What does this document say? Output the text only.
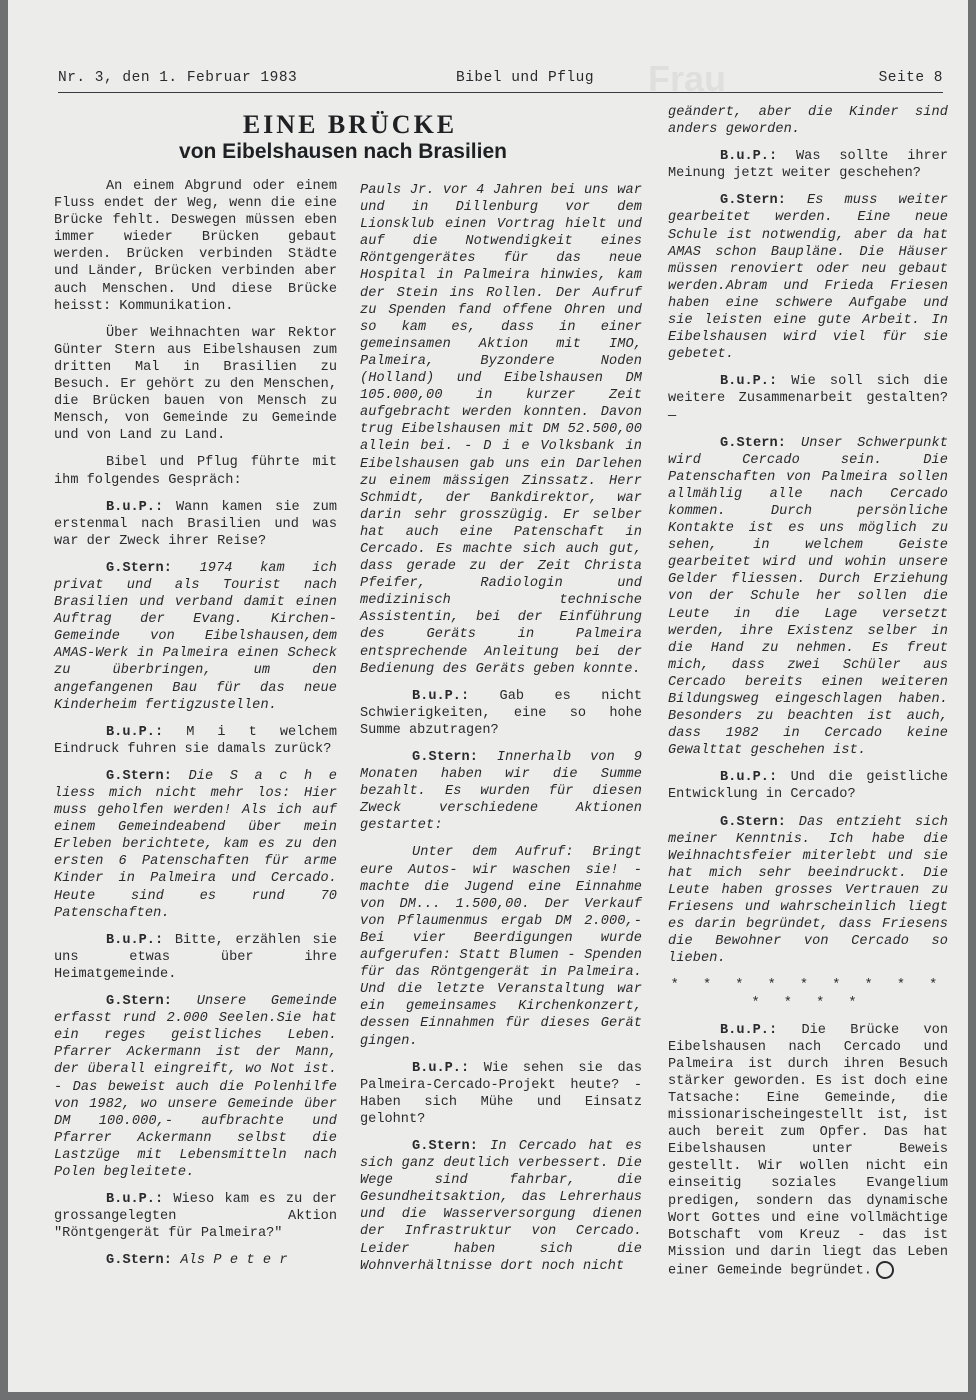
Frau
Nr. 3, den 1. Februar 1983	Bibel und Pflug	Seite 8
EINE BRÜCKE
von Eibelshausen nach Brasilien

An einem Abgrund oder einem Fluss endet der Weg, wenn die eine Brücke fehlt. Deswegen müssen eben immer wieder Brücken gebaut werden. Brücken verbinden Städte und Länder, Brücken verbinden aber auch Menschen. Und diese Brücke heisst: Kommunikation.

Über Weihnachten war Rektor Günter Stern aus Eibelshausen zum dritten Mal in Brasilien zu Besuch. Er gehört zu den Menschen, die Brücken bauen von Mensch zu Mensch, von Gemeinde zu Gemeinde und von Land zu Land.

Bibel und Pflug führte mit ihm folgendes Gespräch:

B.u.P.: Wann kamen sie zum erstenmal nach Brasilien und was war der Zweck ihrer Reise?

G.Stern: 1974 kam ich privat und als Tourist nach Brasilien und verband damit einen Auftrag der Evang. Kirchen-Gemeinde von Eibelshausen,dem AMAS-Werk in Palmeira einen Scheck zu überbringen, um den angefangenen Bau für das neue Kinderheim fertigzustellen.

B.u.P.: M i t welchem Eindruck fuhren sie damals zurück?

G.Stern: Die S a c h e liess mich nicht mehr los: Hier muss geholfen werden! Als ich auf einem Gemeindeabend über mein Erleben berichtete, kam es zu den ersten 6 Patenschaften für arme Kinder in Palmeira und Cercado. Heute sind es rund 70 Patenschaften.

B.u.P.: Bitte, erzählen sie uns etwas über ihre Heimatgemeinde.

G.Stern: Unsere Gemeinde erfasst rund 2.000 Seelen.Sie hat ein reges geistliches Leben. Pfarrer Ackermann ist der Mann, der überall eingreift, wo Not ist. - Das beweist auch die Polenhilfe von 1982, wo unsere Gemeinde über DM 100.000,- aufbrachte und Pfarrer Ackermann selbst die Lastzüge mit Lebensmitteln nach Polen begleitete.

B.u.P.: Wieso kam es zu der grossangelegten Aktion "Röntgengerät für Palmeira?"

G.Stern: Als P e t e r

Pauls Jr. vor 4 Jahren bei uns war und in Dillenburg vor dem Lionsklub einen Vortrag hielt und auf die Notwendigkeit eines Röntgengerätes für das neue Hospital in Palmeira hinwies, kam der Stein ins Rollen. Der Aufruf zu Spenden fand offene Ohren und so kam es, dass in einer gemeinsamen Aktion mit IMO, Palmeira, Byzondere Noden (Holland) und Eibelshausen DM 105.000,00 in kurzer Zeit aufgebracht werden konnten. Davon trug Eibelshausen mit DM 52.500,00 allein bei. - D i e Volksbank in Eibelshausen gab uns ein Darlehen zu einem mässigen Zinssatz. Herr Schmidt, der Bankdirektor, war darin sehr grosszügig. Er selber hat auch eine Patenschaft in Cercado. Es machte sich auch gut, dass gerade zu der Zeit Christa Pfeifer, Radiologin und medizinisch technische Assistentin, bei der Einführung des Geräts in Palmeira entsprechende Anleitung bei der Bedienung des Geräts geben konnte.

B.u.P.: Gab es nicht Schwierigkeiten, eine so hohe Summe abzutragen?

G.Stern: Innerhalb von 9 Monaten haben wir die Summe bezahlt. Es wurden für diesen Zweck verschiedene Aktionen gestartet:

Unter dem Aufruf: Bringt eure Autos- wir waschen sie! - machte die Jugend eine Einnahme von DM... 1.500,00. Der Verkauf von Pflaumenmus ergab DM 2.000,- Bei vier Beerdigungen wurde aufgerufen: Statt Blumen - Spenden für das Röntgengerät in Palmeira. Und die letzte Veranstaltung war ein gemeinsames Kirchenkonzert, dessen Einnahmen für dieses Gerät gingen.

B.u.P.: Wie sehen sie das Palmeira-Cercado-Projekt heute? - Haben sich Mühe und Einsatz gelohnt?

G.Stern: In Cercado hat es sich ganz deutlich verbessert. Die Wege sind fahrbar, die Gesundheitsaktion, das Lehrerhaus und die Wasserversorgung dienen der Infrastruktur von Cercado. Leider haben sich die Wohnverhältnisse dort noch nicht

geändert, aber die Kinder sind anders geworden.

B.u.P.: Was sollte ihrer Meinung jetzt weiter geschehen?

G.Stern: Es muss weiter gearbeitet werden. Eine neue Schule ist notwendig, aber da hat AMAS schon Baupläne. Die Häuser müssen renoviert oder neu gebaut werden.Abram und Frieda Friesen haben eine schwere Aufgabe und sie leisten eine gute Arbeit. In Eibelshausen wird viel für sie gebetet.

B.u.P.: Wie soll sich die weitere Zusammenarbeit gestalten? —

G.Stern: Unser Schwerpunkt wird Cercado sein. Die Patenschaften von Palmeira sollen allmählig alle nach Cercado kommen. Durch persönliche Kontakte ist es uns möglich zu sehen, in welchem Geiste gearbeitet wird und wohin unsere Gelder fliessen. Durch Erziehung von der Schule her sollen die Leute in die Lage versetzt werden, ihre Existenz selber in die Hand zu nehmen. Es freut mich, dass zwei Schüler aus Cercado bereits einen weiteren Bildungsweg eingeschlagen haben. Besonders zu beachten ist auch, dass 1982 in Cercado keine Gewalttat geschehen ist.

B.u.P.: Und die geistliche Entwicklung in Cercado?

G.Stern: Das entzieht sich meiner Kenntnis. Ich habe die Weihnachtsfeier miterlebt und sie hat mich sehr beeindruckt. Die Leute haben grosses Vertrauen zu Friesens und wahrscheinlich liegt es darin begründet, dass Friesens die Bewohner von Cercado so lieben.

* * * * * * * * * * * * *

B.u.P.: Die Brücke von Eibelshausen nach Cercado und Palmeira ist durch ihren Besuch stärker geworden. Es ist doch eine Tatsache: Eine Gemeinde, die missionarischeingestellt ist, ist auch bereit zum Opfer. Das hat Eibelshausen unter Beweis gestellt. Wir wollen nicht ein einseitig soziales Evangelium predigen, sondern das dynamische Wort Gottes und eine vollmächtige Botschaft vom Kreuz - das ist Mission und darin liegt das Leben einer Gemeinde begründet.
